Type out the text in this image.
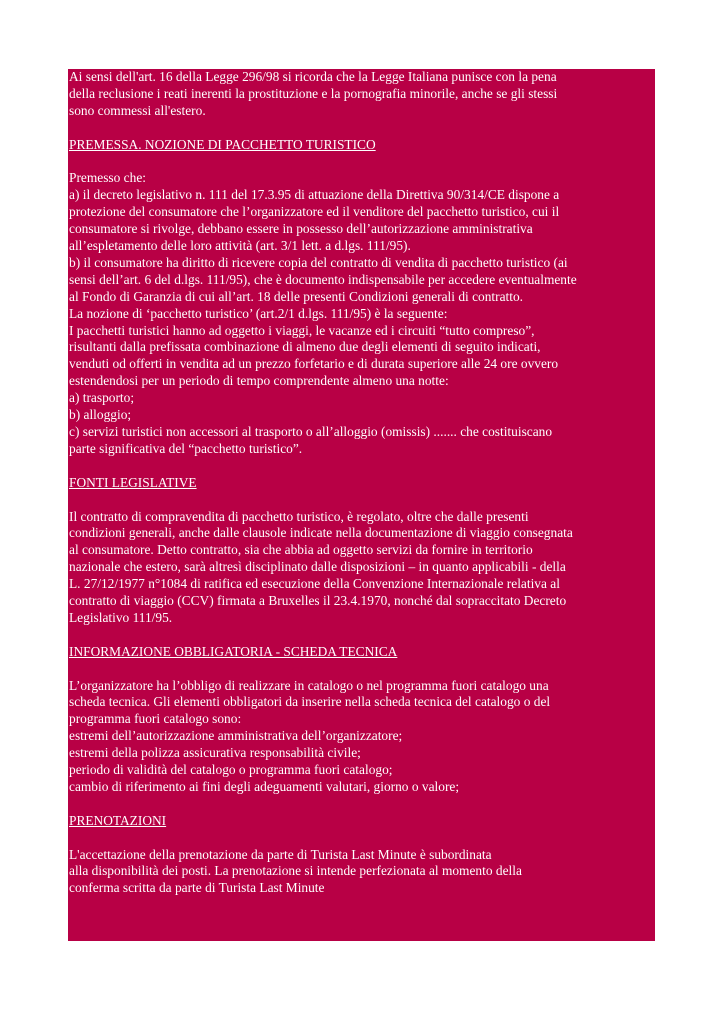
Ai sensi dell'art. 16 della Legge 296/98 si ricorda che la Legge Italiana punisce con la pena

della reclusione i reati inerenti la prostituzione e la pornografia minorile, anche se gli stessi

sono commessi all'estero.

PREMESSA. NOZIONE DI PACCHETTO TURISTICO

Premesso che:

a) il decreto legislativo n. 111 del 17.3.95 di attuazione della Direttiva 90/314/CE dispone a

protezione del consumatore che l’organizzatore ed il venditore del pacchetto turistico, cui il

consumatore si rivolge, debbano essere in possesso dell’autorizzazione amministrativa

all’espletamento delle loro attività (art. 3/1 lett. a d.lgs. 111/95).

b) il consumatore ha diritto di ricevere copia del contratto di vendita di pacchetto turistico (ai

sensi dell’art. 6 del d.lgs. 111/95), che è documento indispensabile per accedere eventualmente

al Fondo di Garanzia di cui all’art. 18 delle presenti Condizioni generali di contratto.

La nozione di ‘pacchetto turistico’ (art.2/1 d.lgs. 111/95) è la seguente:

I pacchetti turistici hanno ad oggetto i viaggi, le vacanze ed i circuiti “tutto compreso”,

risultanti dalla prefissata combinazione di almeno due degli elementi di seguito indicati,

venduti od offerti in vendita ad un prezzo forfetario e di durata superiore alle 24 ore ovvero

estendendosi per un periodo di tempo comprendente almeno una notte:

a) trasporto;

b) alloggio;

c) servizi turistici non accessori al trasporto o all’alloggio (omissis) ....... che costituiscano

parte significativa del “pacchetto turistico”.

FONTI LEGISLATIVE

Il contratto di compravendita di pacchetto turistico, è regolato, oltre che dalle presenti

condizioni generali, anche dalle clausole indicate nella documentazione di viaggio consegnata

al consumatore. Detto contratto, sia che abbia ad oggetto servizi da fornire in territorio

nazionale che estero, sarà altresì disciplinato dalle disposizioni – in quanto applicabili - della

L. 27/12/1977 n°1084 di ratifica ed esecuzione della Convenzione Internazionale relativa al

contratto di viaggio (CCV) firmata a Bruxelles il 23.4.1970, nonché dal sopraccitato Decreto

Legislativo 111/95.

INFORMAZIONE OBBLIGATORIA - SCHEDA TECNICA

L’organizzatore ha l’obbligo di realizzare in catalogo o nel programma fuori catalogo una

scheda tecnica. Gli elementi obbligatori da inserire nella scheda tecnica del catalogo o del

programma fuori catalogo sono:

estremi dell’autorizzazione amministrativa dell’organizzatore;

estremi della polizza assicurativa responsabilità civile;

periodo di validità del catalogo o programma fuori catalogo;

cambio di riferimento ai fini degli adeguamenti valutari, giorno o valore;

PRENOTAZIONI

L'accettazione della prenotazione da parte di Turista Last Minute è subordinata

alla disponibilità dei posti. La prenotazione si intende perfezionata al momento della

conferma scritta da parte di Turista Last Minute
